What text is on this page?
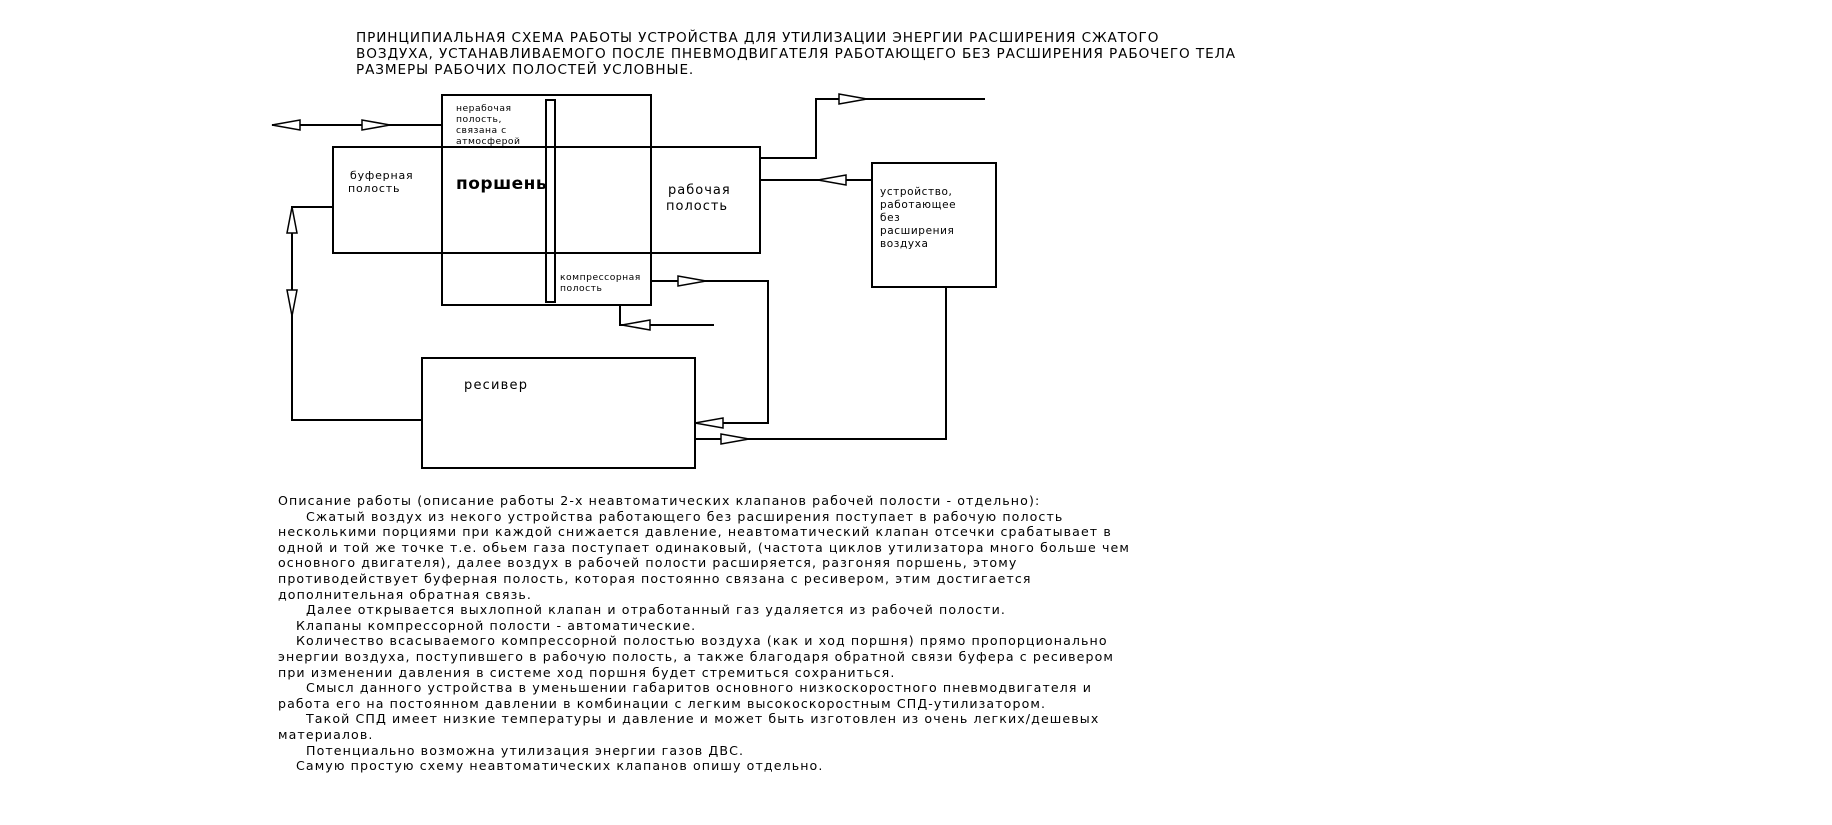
ПРИНЦИПИАЛЬНАЯ СХЕМА РАБОТЫ УСТРОЙСТВА ДЛЯ УТИЛИЗАЦИИ ЭНЕРГИИ РАСШИРЕНИЯ СЖАТОГО
ВОЗДУХА, УСТАНАВЛИВАЕМОГО ПОСЛЕ ПНЕВМОДВИГАТЕЛЯ РАБОТАЮЩЕГО БЕЗ РАСШИРЕНИЯ РАБОЧЕГО ТЕЛА
РАЗМЕРЫ РАБОЧИХ ПОЛОСТЕЙ УСЛОВНЫЕ.
нерабочая
полость,
связана с
атмосферой
буферная
полость	поршень	рабочая
полость
устройство,
работающее
без
расширения
воздуха
компрессорная
полость
ресивер
Описание работы (описание работы 2-х неавтоматических клапанов рабочей полости - отдельно):
Сжатый воздух из некого устройства работающего без расширения поступает в рабочую полость
несколькими порциями при каждой снижается давление, неавтоматический клапан отсечки срабатывает в
одной и той же точке т.е. обьем газа поступает одинаковый, (частота циклов утилизатора много больше чем
основного двигателя), далее воздух в рабочей полости расширяется, разгоняя поршень, этому
противодействует буферная полость, которая постоянно связана с ресивером, этим достигается
дополнительная обратная связь.
Далее открывается выхлопной клапан и отработанный газ удаляется из рабочей полости.
Клапаны компрессорной полости - автоматические.
Количество всасываемого компрессорной полостью воздуха (как и ход поршня) прямо пропорционально
энергии воздуха, поступившего в рабочую полость, а также благодаря обратной связи буфера с ресивером
при изменении давления в системе ход поршня будет стремиться сохраниться.
Смысл данного устройства в уменьшении габаритов основного низкоскоростного пневмодвигателя и
работа его на постоянном давлении в комбинации с легким высокоскоростным СПД-утилизатором.
Такой СПД имеет низкие температуры и давление и может быть изготовлен из очень легких/дешевых
материалов.
Потенциально возможна утилизация энергии газов ДВС.
Самую простую схему неавтоматических клапанов опишу отдельно.
